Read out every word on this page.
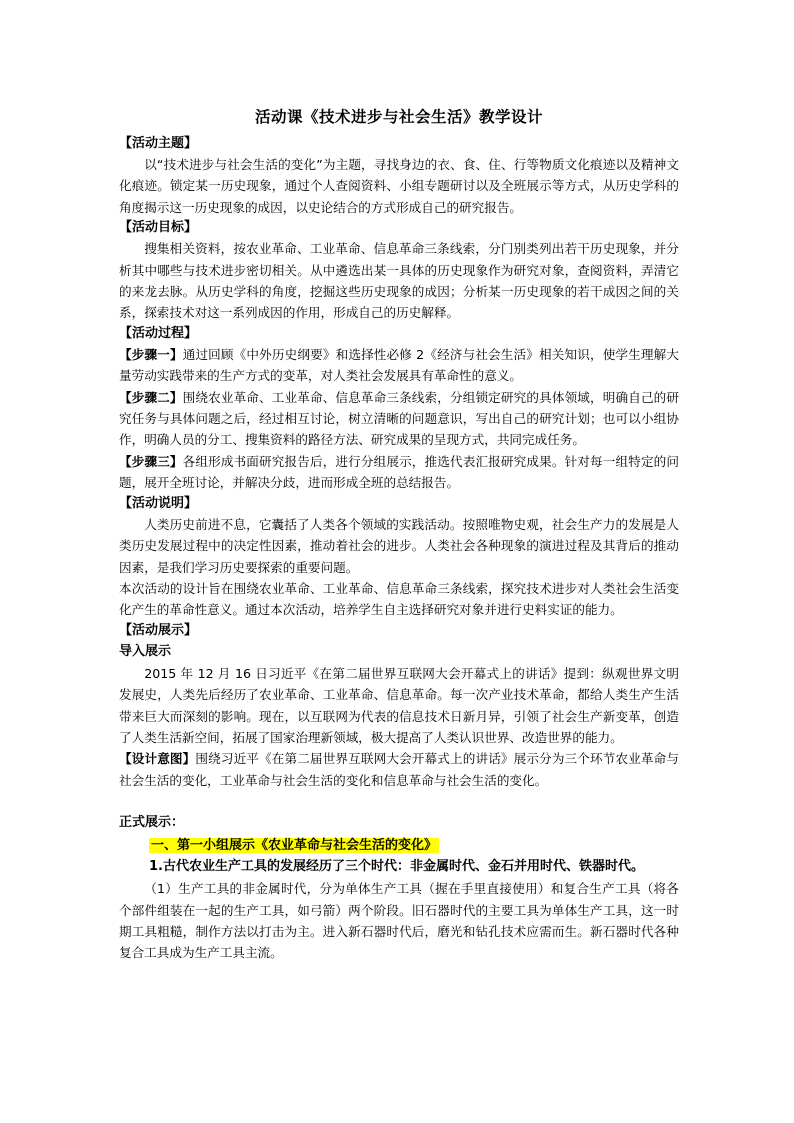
活动课《技术进步与社会生活》教学设计

【活动主题】

以“技术进步与社会生活的变化”为主题，寻找身边的衣、食、住、行等物质文化痕迹以及精神文化痕迹。锁定某一历史现象，通过个人查阅资料、小组专题研讨以及全班展示等方式，从历史学科的角度揭示这一历史现象的成因，以史论结合的方式形成自己的研究报告。

【活动目标】

搜集相关资料，按农业革命、工业革命、信息革命三条线索，分门别类列出若干历史现象，并分析其中哪些与技术进步密切相关。从中遴选出某一具体的历史现象作为研究对象，查阅资料，弄清它的来龙去脉。从历史学科的角度，挖掘这些历史现象的成因；分析某一历史现象的若干成因之间的关系，探索技术对这一系列成因的作用，形成自己的历史解释。

【活动过程】

【步骤一】通过回顾《中外历史纲要》和选择性必修 2《经济与社会生活》相关知识，使学生理解大量劳动实践带来的生产方式的变革，对人类社会发展具有革命性的意义。

【步骤二】围绕农业革命、工业革命、信息革命三条线索，分组锁定研究的具体领域，明确自己的研究任务与具体问题之后，经过相互讨论，树立清晰的问题意识，写出自己的研究计划；也可以小组协作，明确人员的分工、搜集资料的路径方法、研究成果的呈现方式，共同完成任务。

【步骤三】各组形成书面研究报告后，进行分组展示，推选代表汇报研究成果。针对每一组特定的问题，展开全班讨论，并解决分歧，进而形成全班的总结报告。

【活动说明】

人类历史前进不息，它囊括了人类各个领域的实践活动。按照唯物史观，社会生产力的发展是人类历史发展过程中的决定性因素，推动着社会的进步。人类社会各种现象的演进过程及其背后的推动因素，是我们学习历史要探索的重要问题。

本次活动的设计旨在围绕农业革命、工业革命、信息革命三条线索，探究技术进步对人类社会生活变化产生的革命性意义。通过本次活动，培养学生自主选择研究对象并进行史料实证的能力。

【活动展示】

导入展示

2015 年 12 月 16 日习近平《在第二届世界互联网大会开幕式上的讲话》提到：纵观世界文明发展史，人类先后经历了农业革命、工业革命、信息革命。每一次产业技术革命，都给人类生产生活带来巨大而深刻的影响。现在，以互联网为代表的信息技术日新月异，引领了社会生产新变革，创造了人类生活新空间，拓展了国家治理新领域，极大提高了人类认识世界、改造世界的能力。

【设计意图】围绕习近平《在第二届世界互联网大会开幕式上的讲话》展示分为三个环节农业革命与社会生活的变化，工业革命与社会生活的变化和信息革命与社会生活的变化。

正式展示：

一、第一小组展示《农业革命与社会生活的变化》

1.古代农业生产工具的发展经历了三个时代：非金属时代、金石并用时代、铁器时代。

（1）生产工具的非金属时代，分为单体生产工具（握在手里直接使用）和复合生产工具（将各个部件组装在一起的生产工具，如弓箭）两个阶段。旧石器时代的主要工具为单体生产工具，这一时期工具粗糙，制作方法以打击为主。进入新石器时代后，磨光和钻孔技术应需而生。新石器时代各种复合工具成为生产工具主流。
